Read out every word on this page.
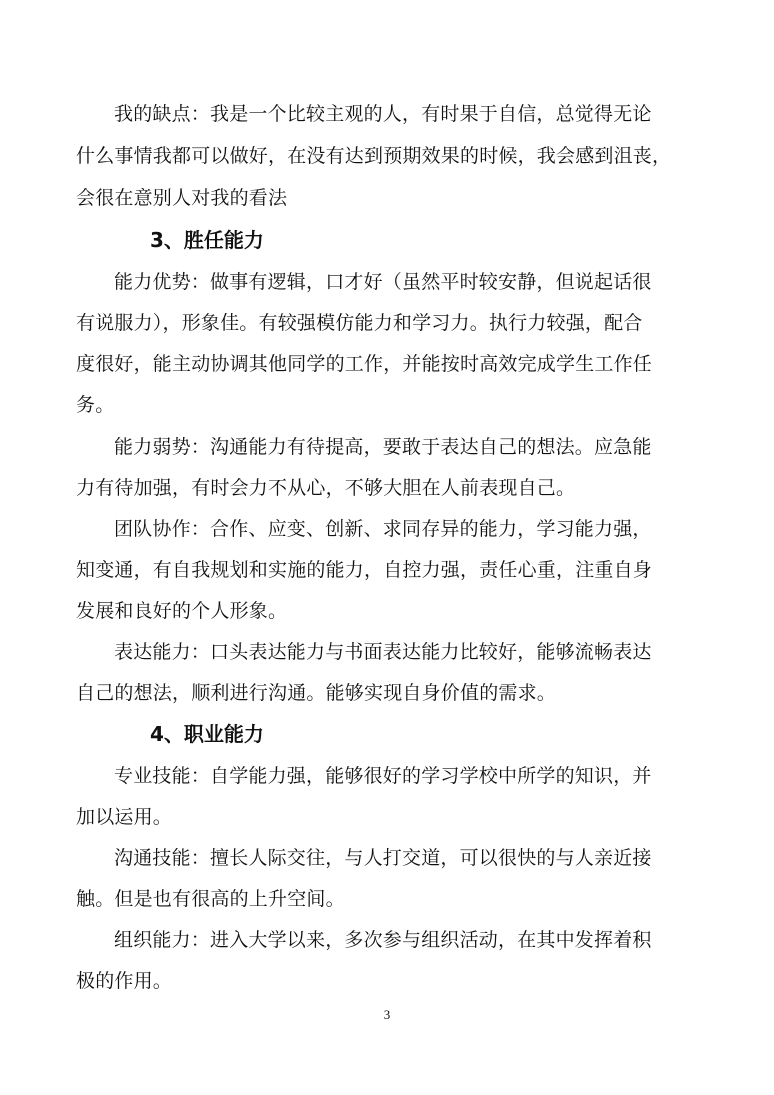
我的缺点：我是一个比较主观的人，有时果于自信，总觉得无论
什么事情我都可以做好，在没有达到预期效果的时候，我会感到沮丧，
会很在意别人对我的看法
3、胜任能力
能力优势：做事有逻辑，口才好（虽然平时较安静，但说起话很
有说服力），形象佳。有较强模仿能力和学习力。执行力较强，配合
度很好，能主动协调其他同学的工作，并能按时高效完成学生工作任
务。
能力弱势：沟通能力有待提高，要敢于表达自己的想法。应急能
力有待加强，有时会力不从心，不够大胆在人前表现自己。
团队协作：合作、应变、创新、求同存异的能力，学习能力强，
知变通，有自我规划和实施的能力，自控力强，责任心重，注重自身
发展和良好的个人形象。
表达能力：口头表达能力与书面表达能力比较好，能够流畅表达
自己的想法，顺利进行沟通。能够实现自身价值的需求。
4、职业能力
专业技能：自学能力强，能够很好的学习学校中所学的知识，并
加以运用。
沟通技能：擅长人际交往，与人打交道，可以很快的与人亲近接
触。但是也有很高的上升空间。
组织能力：进入大学以来，多次参与组织活动，在其中发挥着积
极的作用。
3
